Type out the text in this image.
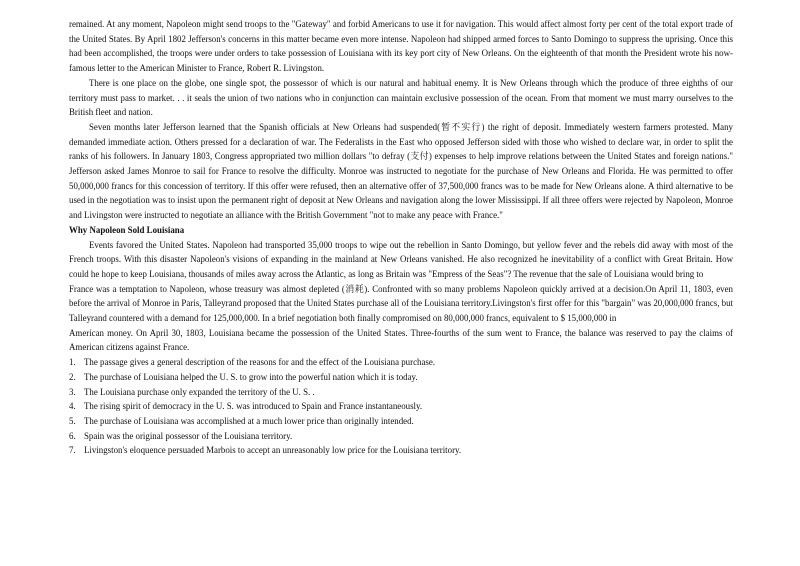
remained. At any moment, Napoleon might send troops to the "Gateway" and forbid Americans to use it for navigation. This would affect almost forty per cent of the total export trade of the United States. By April 1802 Jefferson's concerns in this matter became even more intense. Napoleon had shipped armed forces to Santo Domingo to suppress the uprising. Once this had been accomplished, the troops were under orders to take possession of Louisiana with its key port city of New Orleans. On the eighteenth of that month the President wrote his now-famous letter to the American Minister to France, Robert R. Livingston.

There is one place on the globe, one single spot, the possessor of which is our natural and habitual enemy. It is New Orleans through which the produce of three eighths of our territory must pass to market. . . it seals the union of two nations who in conjunction can maintain exclusive possession of the ocean. From that moment we must marry ourselves to the British fleet and nation.

Seven months later Jefferson learned that the Spanish officials at New Orleans had suspended(暂不实行) the right of deposit. Immediately western farmers protested. Many demanded immediate action. Others pressed for a declaration of war. The Federalists in the East who opposed Jefferson sided with those who wished to declare war, in order to split the ranks of his followers. In January 1803, Congress appropriated two million dollars "to defray (支付) expenses to help improve relations between the United States and foreign nations." Jefferson asked James Monroe to sail for France to resolve the difficulty. Monroe was instructed to negotiate for the purchase of New Orleans and Florida. He was permitted to offer 50,000,000 francs for this concession of territory. If this offer were refused, then an alternative offer of 37,500,000 francs was to be made for New Orleans alone. A third alternative to be used in the negotiation was to insist upon the permanent right of deposit at New Orleans and navigation along the lower Mississippi. If all three offers were rejected by Napoleon, Monroe and Livingston were instructed to negotiate an alliance with the British Government "not to make any peace with France."

Why Napoleon Sold Louisiana

Events favored the United States. Napoleon had transported 35,000 troops to wipe out the rebellion in Santo Domingo, but yellow fever and the rebels did away with most of the French troops. With this disaster Napoleon's visions of expanding in the mainland at New Orleans vanished. He also recognized he inevitability of a conflict with Great Britain. How could he hope to keep Louisiana, thousands of miles away across the Atlantic, as long as Britain was "Empress of the Seas"? The revenue that the sale of Louisiana would bring to

France was a temptation to Napoleon, whose treasury was almost depleted (消耗). Confronted with so many problems Napoleon quickly arrived at a decision.On April 11, 1803, even before the arrival of Monroe in Paris, Talleyrand proposed that the United States purchase all of the Louisiana territory.Livingston's first offer for this "bargain" was 20,000,000 francs, but Talleyrand countered with a demand for 125,000,000. In a brief negotiation both finally compromised on 80,000,000 francs, equivalent to $ 15,000,000 in

American money. On April 30, 1803, Louisiana became the possession of the United States. Three-fourths of the sum went to France, the balance was reserved to pay the claims of American citizens against France.

1. The passage gives a general description of the reasons for and the effect of the Louisiana purchase.
2. The purchase of Louisiana helped the U. S. to grow into the powerful nation which it is today.
3. The Louisiana purchase only expanded the territory of the U. S. .
4. The rising spirit of democracy in the U. S. was introduced to Spain and France instantaneously.
5. The purchase of Louisiana was accomplished at a much lower price than originally intended.
6. Spain was the original possessor of the Louisiana territory.
7. Livingston's eloquence persuaded Marbois to accept an unreasonably low price for the Louisiana territory.
